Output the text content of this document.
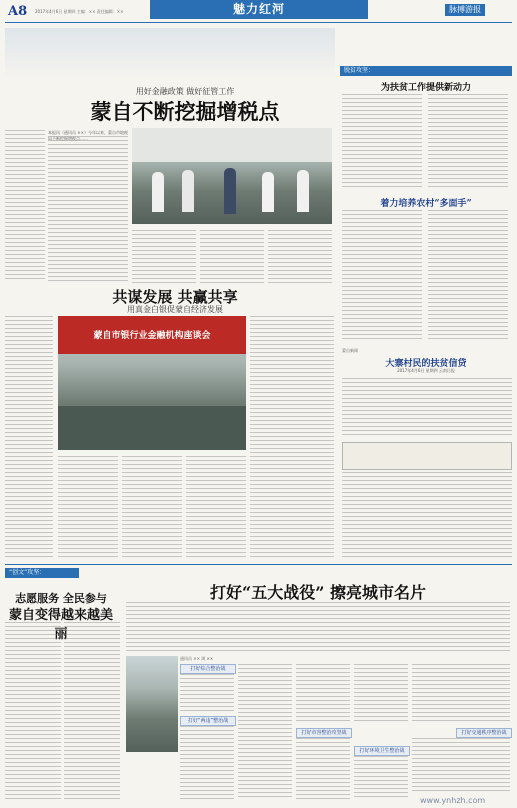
A8 2017年4月6日 星期四 主编：×× 责任编辑：××	魅力红河	脉搏游报
用好金融政策 做好征管工作
蒙自不断挖掘增税点
本报讯（通讯员 ××）今年以来，蒙自市地税局不断挖掘增税点……
共谋发展 共赢共享
用真金白银促蒙自经济发展
蒙自市银行业金融机构座谈会
脱贫攻坚：
为扶贫工作提供新动力
着力培养农村“多面手”
蒙自新闻
大寨村民的扶贫信贷
2017年4月6日 星期四 云南日报
“创文”攻坚：
志愿服务 全民参与
蒙自变得越来越美丽
打好“五大战役” 擦亮城市名片
通讯员 ×× 周 ××
打好综合整治战
打好“两违”整治战
打好市容整治攻坚战
打好环境卫生整治战
打好交通秩序整治战
www.ynhzh.com
